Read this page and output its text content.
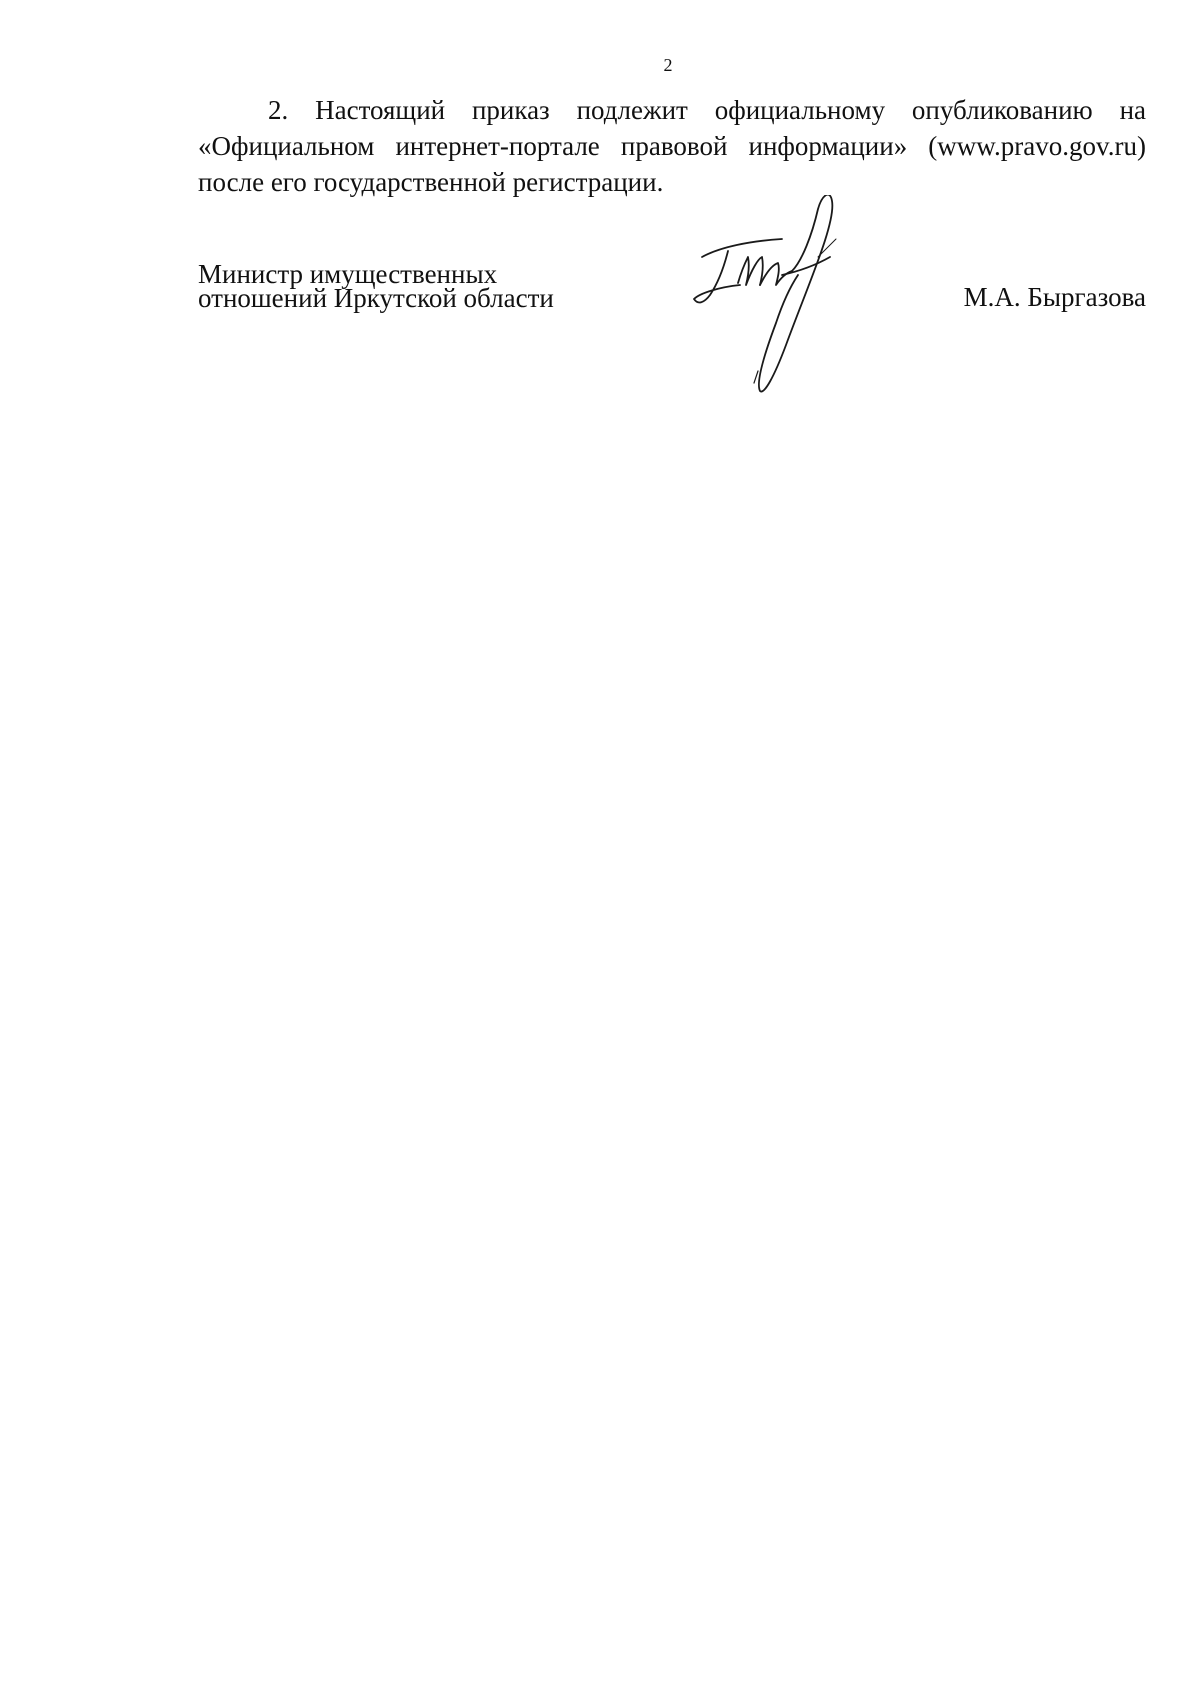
2

2. Настоящий приказ подлежит официальному опубликованию на «Официальном интернет-портале правовой информации» (www.pravo.gov.ru) после его государственной регистрации.

Министр имущественных
отношений Иркутской области	М.А. Быргазова
